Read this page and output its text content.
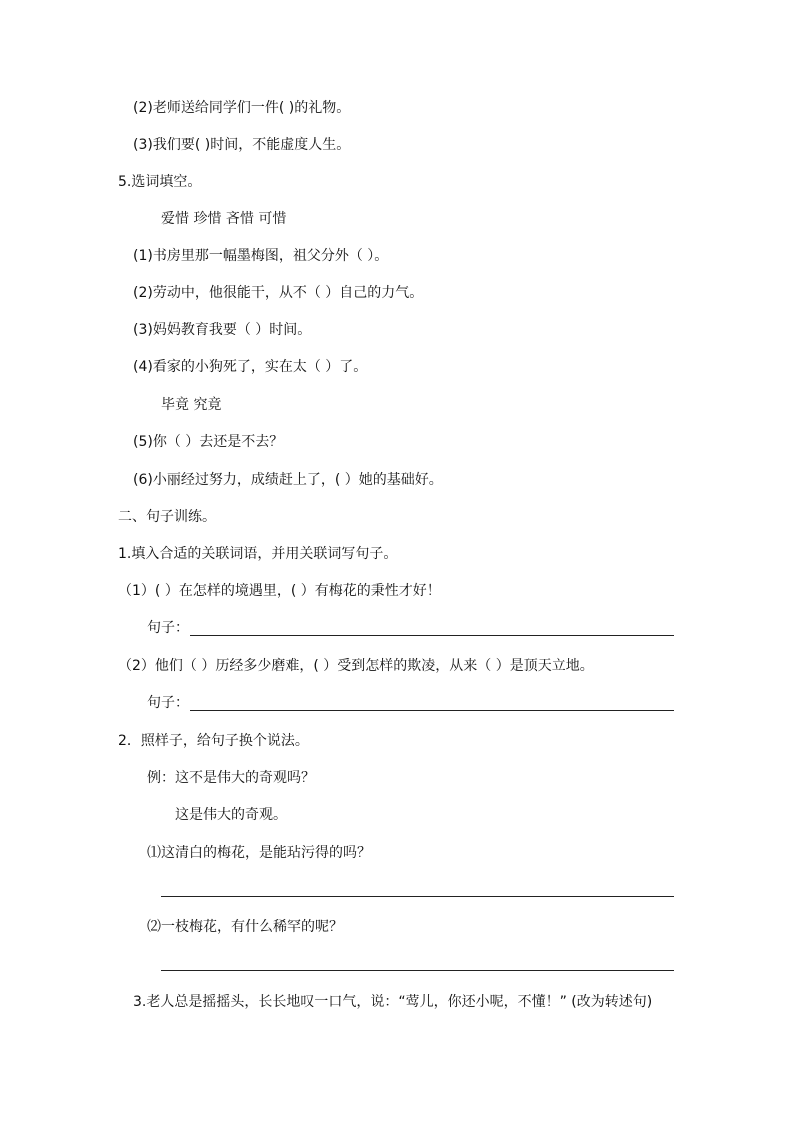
(2)老师送给同学们一件( )的礼物。
(3)我们要( )时间，不能虚度人生。
5.选词填空。
爱惜 珍惜 吝惜 可惜
(1)书房里那一幅墨梅图，祖父分外（ ）。
(2)劳动中，他很能干，从不（ ）自己的力气。
(3)妈妈教育我要（ ）时间。
(4)看家的小狗死了，实在太（ ）了。
毕竟 究竟
(5)你（ ）去还是不去？
(6)小丽经过努力，成绩赶上了，( ）她的基础好。
二、句子训练。
1.填入合适的关联词语，并用关联词写句子。
（1）( ）在怎样的境遇里，( ）有梅花的秉性才好！
句子：
（2）他们（ ）历经多少磨难，( ）受到怎样的欺凌，从来（ ）是顶天立地。
句子：
2．照样子，给句子换个说法。
例：这不是伟大的奇观吗？
这是伟大的奇观。
⑴这清白的梅花，是能玷污得的吗？
⑵一枝梅花，有什么稀罕的呢？
3.老人总是摇摇头，长长地叹一口气，说：“莺儿，你还小呢，不懂！” (改为转述句)
